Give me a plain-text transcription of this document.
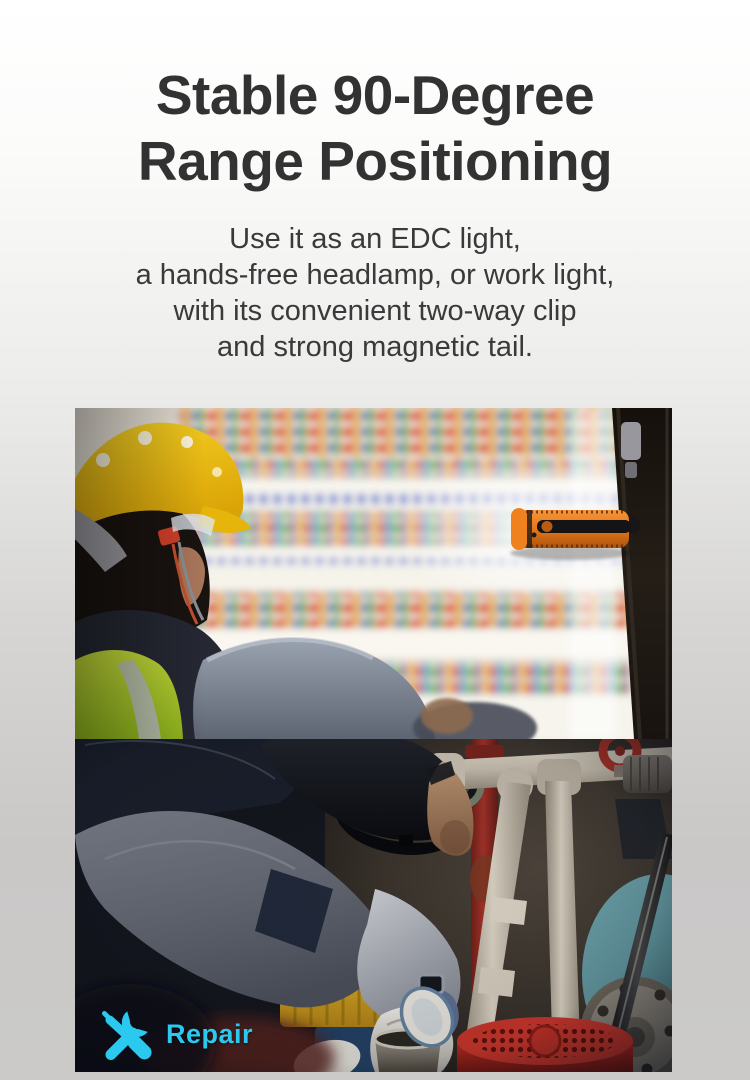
Stable 90-Degree
Range Positioning
Use it as an EDC light,
a hands-free headlamp, or work light,
with its convenient two-way clip
and strong magnetic tail.
Repair
